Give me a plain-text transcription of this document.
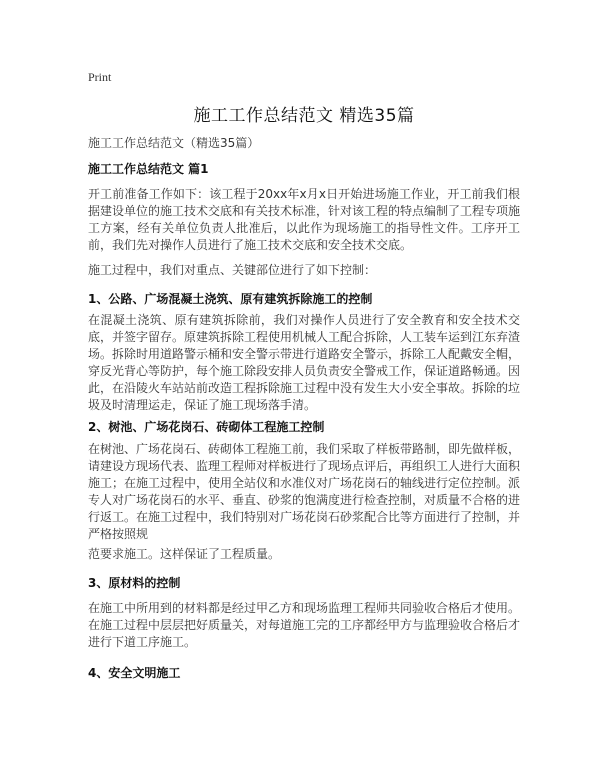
Print
施工工作总结范文 精选35篇
施工工作总结范文（精选35篇）
施工工作总结范文 篇1

开工前准备工作如下：该工程于20xx年x月x日开始进场施工作业，开工前我们根据建设单位的施工技术交底和有关技术标准，针对该工程的特点编制了工程专项施工方案，经有关单位负责人批准后，以此作为现场施工的指导性文件。工序开工前，我们先对操作人员进行了施工技术交底和安全技术交底。

施工过程中，我们对重点、关键部位进行了如下控制：

1、公路、广场混凝土浇筑、原有建筑拆除施工的控制

在混凝土浇筑、原有建筑拆除前，我们对操作人员进行了安全教育和安全技术交底，并签字留存。原建筑拆除工程使用机械人工配合拆除，人工装车运到江东弃渣场。拆除时用道路警示桶和安全警示带进行道路安全警示，拆除工人配戴安全帽，穿反光背心等防护，每个施工除段安排人员负责安全警戒工作，保证道路畅通。因此，在沿陵火车站站前改造工程拆除施工过程中没有发生大小安全事故。拆除的垃圾及时清理运走，保证了施工现场落手清。

2、树池、广场花岗石、砖砌体工程施工控制

在树池、广场花岗石、砖砌体工程施工前，我们采取了样板带路制，即先做样板，请建设方现场代表、监理工程师对样板进行了现场点评后，再组织工人进行大面积施工；在施工过程中，使用全站仪和水准仪对广场花岗石的轴线进行定位控制。派专人对广场花岗石的水平、垂直、砂浆的饱满度进行检查控制，对质量不合格的进行返工。在施工过程中，我们特别对广场花岗石砂浆配合比等方面进行了控制，并严格按照规

范要求施工。这样保证了工程质量。

3、原材料的控制

在施工中所用到的材料都是经过甲乙方和现场监理工程师共同验收合格后才使用。在施工过程中层层把好质量关，对每道施工完的工序都经甲方与监理验收合格后才进行下道工序施工。

4、安全文明施工
